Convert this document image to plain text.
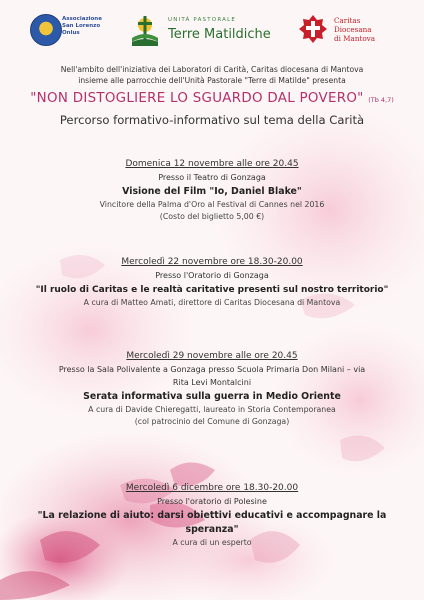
Associazione
San Lorenzo
Onlus
UNITÀ PASTORALE
Terre Matildiche
Caritas
Diocesana
di Mantova
Nell'ambito dell'iniziativa dei Laboratori di Carità, Caritas diocesana di Mantova
insieme alle parrocchie dell'Unità Pastorale "Terre di Matilde" presenta
"NON DISTOGLIERE LO SGUARDO DAL POVERO" (Tb 4,7)
Percorso formativo-informativo sul tema della Carità
Domenica 12 novembre alle ore 20.45
Presso il Teatro di Gonzaga
Visione del Film "Io, Daniel Blake"
Vincitore della Palma d'Oro al Festival di Cannes nel 2016
(Costo del biglietto 5,00 €)
Mercoledì 22 novembre ore 18.30-20.00
Presso l'Oratorio di Gonzaga
"Il ruolo di Caritas e le realtà caritative presenti sul nostro territorio"
A cura di Matteo Amati, direttore di Caritas Diocesana di Mantova
Mercoledì 29 novembre alle ore 20.45
Presso la Sala Polivalente a Gonzaga presso Scuola Primaria Don Milani – via
Rita Levi Montalcini
Serata informativa sulla guerra in Medio Oriente
A cura di Davide Chieregatti, laureato in Storia Contemporanea
(col patrocinio del Comune di Gonzaga)
Mercoledì 6 dicembre ore 18.30-20.00
Presso l'oratorio di Polesine
"La relazione di aiuto: darsi obiettivi educativi e accompagnare la
speranza"
A cura di un esperto
